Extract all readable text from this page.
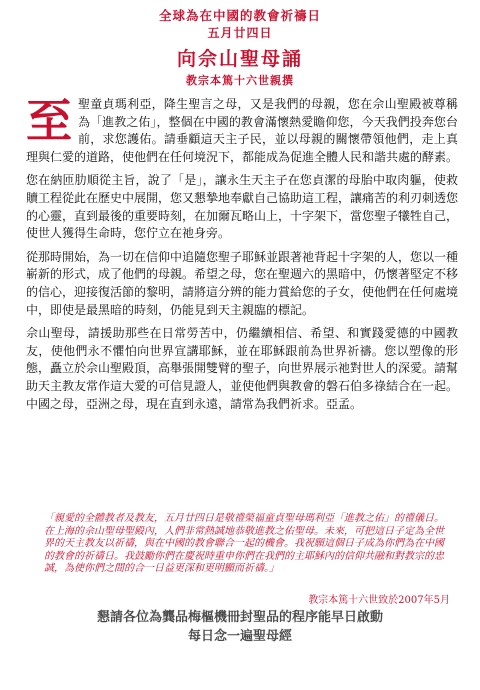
全球為在中國的教會祈禱日
五月廿四日
向佘山聖母誦
教宗本篤十六世親撰

至聖童貞瑪利亞，降生聖言之母，又是我們的母親，您在佘山聖殿被尊稱為「進教之佑」，整個在中國的教會滿懷熱愛瞻仰您，今天我們投奔您台前，求您護佑。請垂顧這天主子民，並以母親的關懷帶領他們，走上真理與仁愛的道路，使他們在任何境況下，都能成為促進全體人民和諧共處的酵素。

您在納匝肋順從主旨，說了「是」，讓永生天主子在您貞潔的母胎中取肉軀，使救贖工程從此在歷史中展開，您又懇摯地奉獻自己協助這工程，讓痛苦的利刃刺透您的心靈，直到最後的重要時刻，在加爾瓦略山上，十字架下，當您聖子犧牲自己，使世人獲得生命時，您佇立在祂身旁。

從那時開始，為一切在信仰中追隨您聖子耶穌並跟著祂背起十字架的人，您以一種嶄新的形式，成了他們的母親。希望之母，您在聖週六的黑暗中，仍懷著堅定不移的信心，迎接復活節的黎明，請將這分辨的能力賞給您的子女，使他們在任何處境中，即使是最黑暗的時刻，仍能見到天主親臨的標記。

佘山聖母，請援助那些在日常勞苦中，仍繼續相信、希望、和實踐愛德的中國教友，使他們永不懼怕向世界宣講耶穌，並在耶穌跟前為世界祈禱。您以塑像的形態，矗立於佘山聖殿頂，高舉張開雙臂的聖子，向世界展示祂對世人的深愛。請幫助天主教友常作這大愛的可信見證人，並使他們與教會的磐石伯多祿結合在一起。中國之母，亞洲之母，現在直到永遠，請常為我們祈求。亞孟。

「親愛的全體教者及教友，五月廿四日是敬禮榮福童貞聖母瑪利亞「進教之佑」的禮儀日。在上海的佘山聖母聖殿內，人們非常熱誠地恭敬進教之佑聖母。未來，可把這日子定為全世界的天主教友以祈禱，與在中國的教會聯合一起的機會。我祝願這個日子成為你們為在中國的教會的祈禱日。我鼓勵你們在慶祝時重申你們在我們的主耶穌內的信仰共融和對教宗的忠誠，為使你們之間的合一日益更深和更明顯而祈禱。」
教宗本篤十六世致於2007年5月
懇請各位為龔品梅樞機冊封聖品的程序能早日啟動
每日念一遍聖母經
